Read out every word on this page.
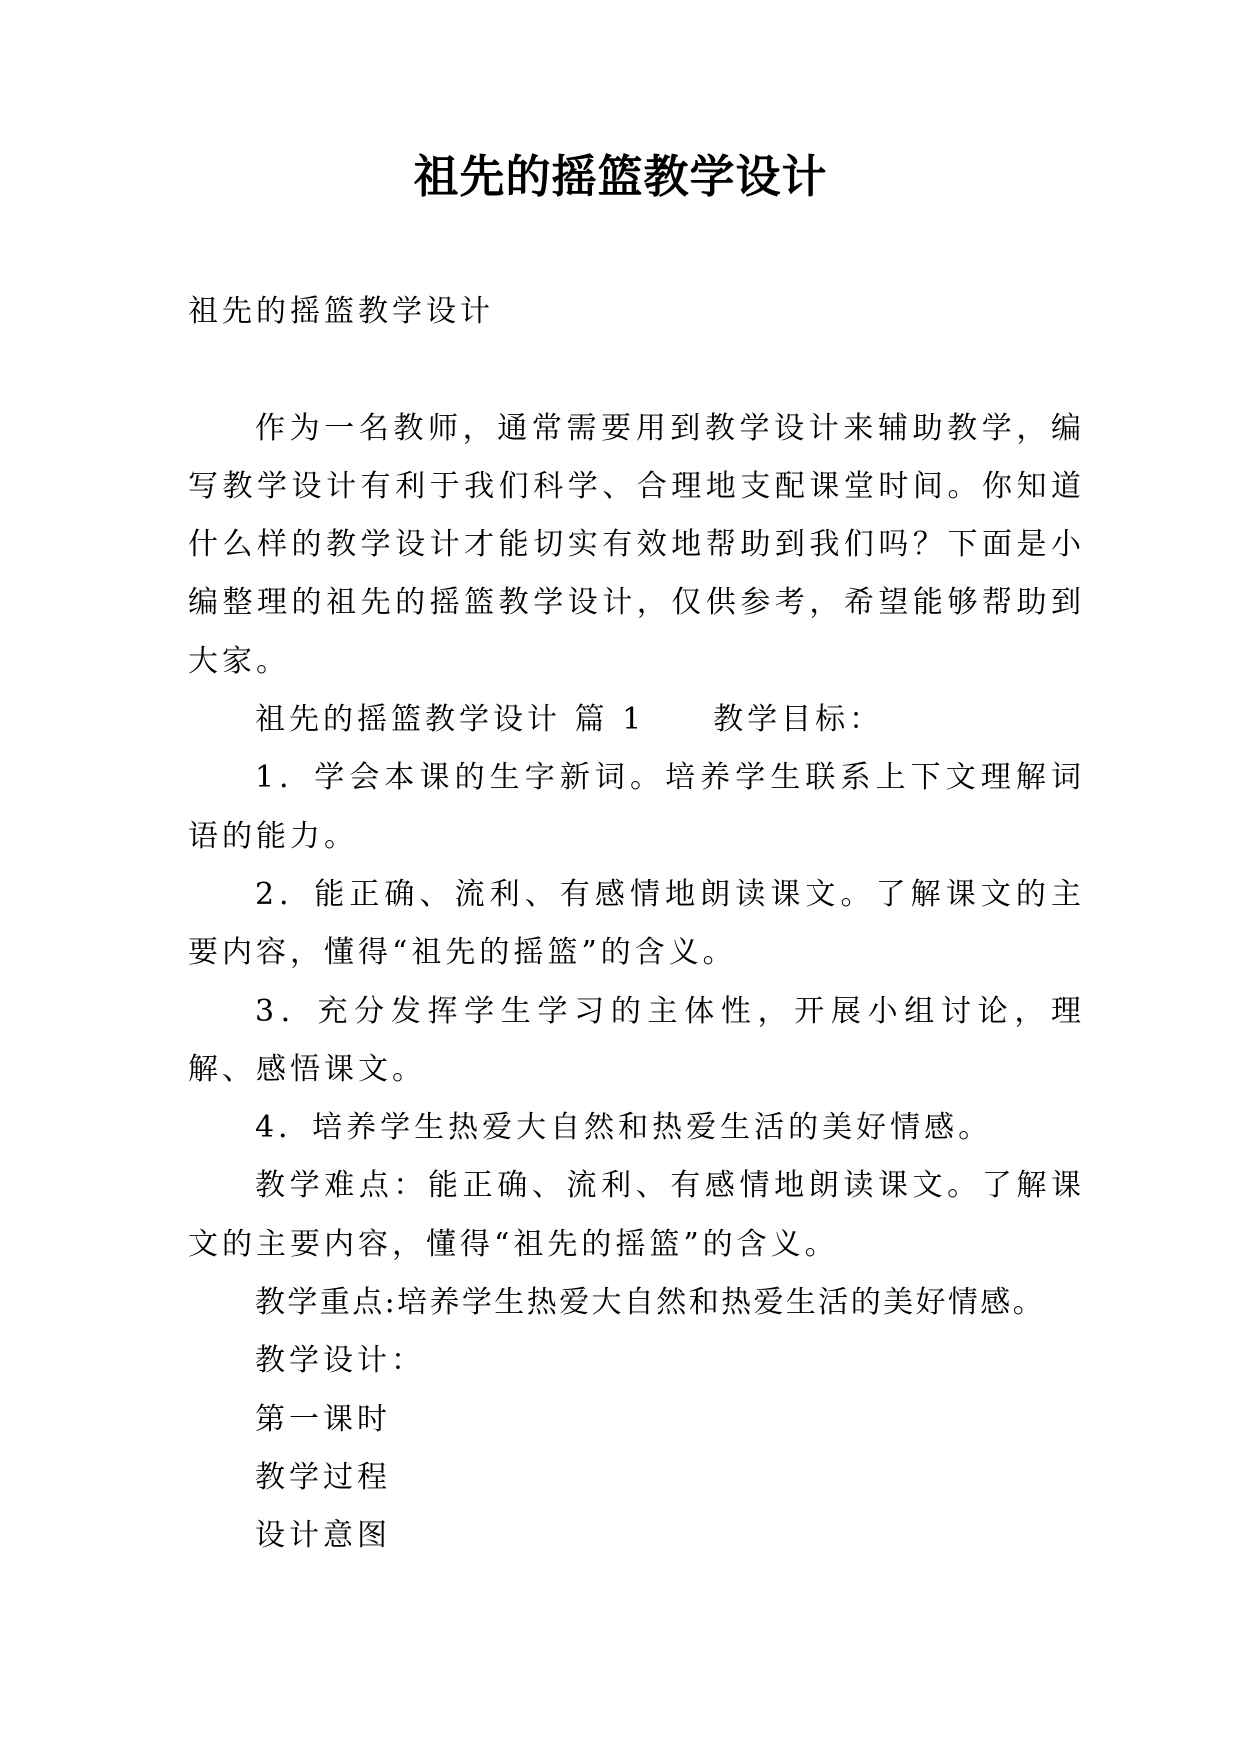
祖先的摇篮教学设计

祖先的摇篮教学设计

作为一名教师，通常需要用到教学设计来辅助教学，编写教学设计有利于我们科学、合理地支配课堂时间。你知道什么样的教学设计才能切实有效地帮助到我们吗？下面是小编整理的祖先的摇篮教学设计，仅供参考，希望能够帮助到大家。

祖先的摇篮教学设计 篇 1　　教学目标：

1．学会本课的生字新词。培养学生联系上下文理解词语的能力。

2．能正确、流利、有感情地朗读课文。了解课文的主要内容，懂得“祖先的摇篮”的含义。

3．充分发挥学生学习的主体性，开展小组讨论，理解、感悟课文。

4．培养学生热爱大自然和热爱生活的美好情感。

教学难点：能正确、流利、有感情地朗读课文。了解课文的主要内容，懂得“祖先的摇篮”的含义。

教学重点:培养学生热爱大自然和热爱生活的美好情感。

教学设计：

第一课时

教学过程

设计意图
